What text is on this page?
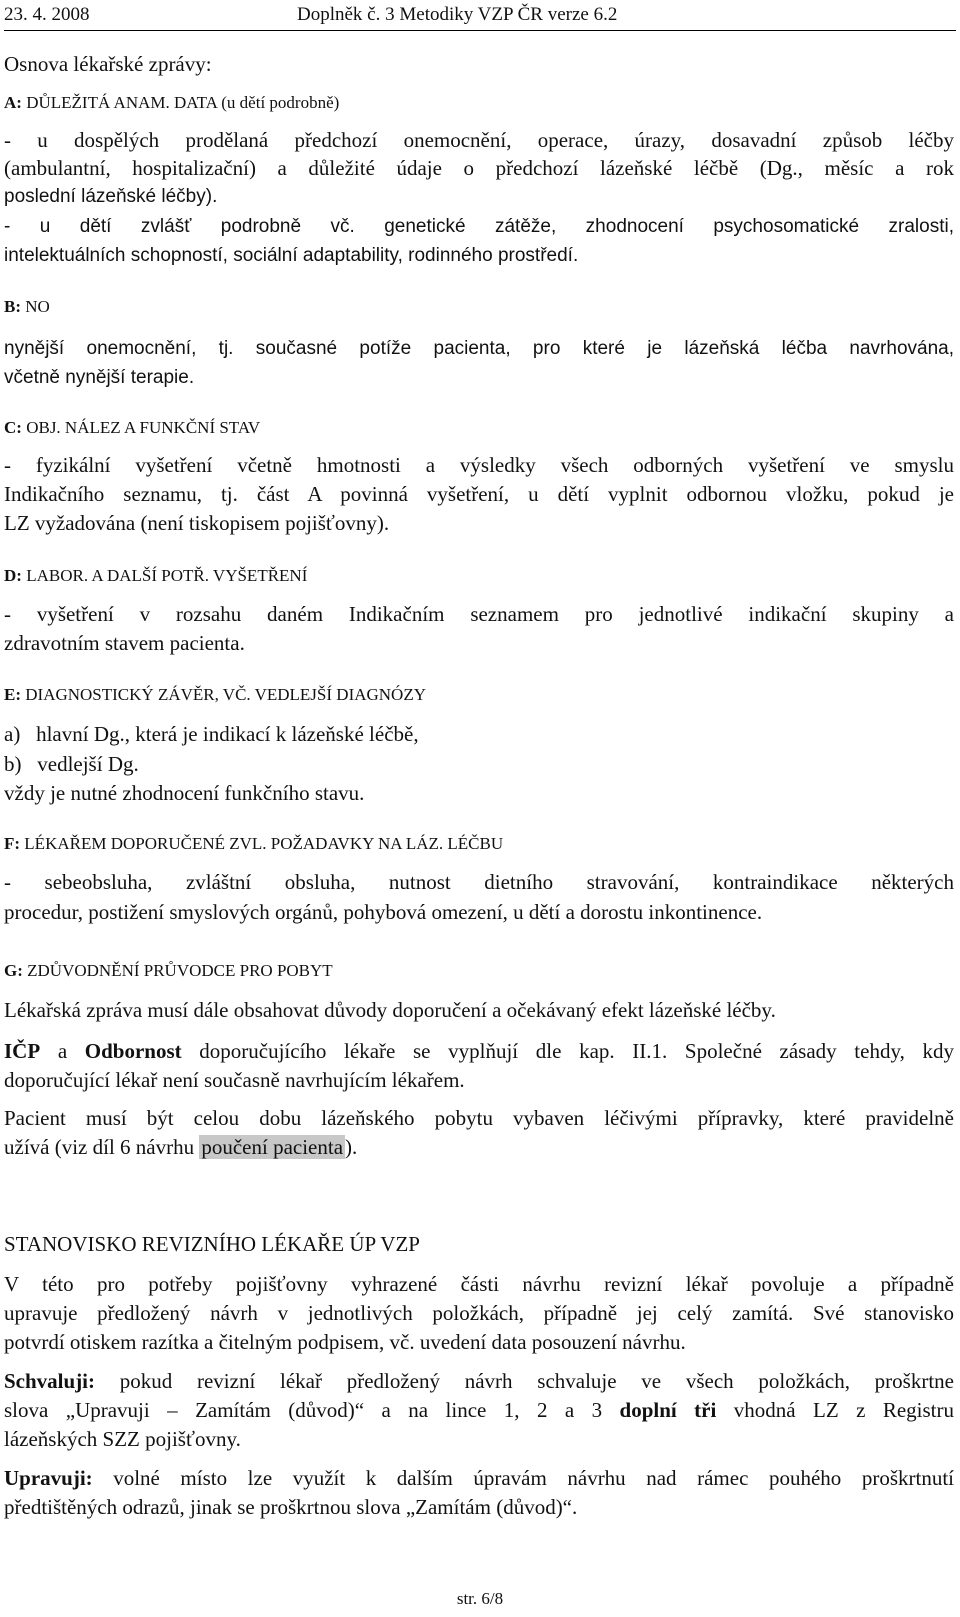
23. 4. 2008	Doplněk č. 3 Metodiky VZP ČR verze 6.2
Osnova lékařské zprávy:
A: DŮLEŽITÁ ANAM. DATA (u dětí podrobně)
- u dospělých prodělaná předchozí onemocnění, operace, úrazy, dosavadní způsob léčby
(ambulantní, hospitalizační) a důležité údaje o předchozí lázeňské léčbě (Dg., měsíc a rok
poslední lázeňské léčby).
- u dětí zvlášť podrobně vč. genetické zátěže, zhodnocení psychosomatické zralosti,
intelektuálních schopností, sociální adaptability, rodinného prostředí.
B: NO
nynější onemocnění, tj. současné potíže pacienta, pro které je lázeňská léčba navrhována,
včetně nynější terapie.
C: OBJ. NÁLEZ A FUNKČNÍ STAV
- fyzikální vyšetření včetně hmotnosti a výsledky všech odborných vyšetření ve smyslu
Indikačního seznamu, tj. část A povinná vyšetření, u dětí vyplnit odbornou vložku, pokud je
LZ vyžadována (není tiskopisem pojišťovny).
D: LABOR. A DALŠÍ POTŘ. VYŠETŘENÍ
- vyšetření v rozsahu daném Indikačním seznamem pro jednotlivé indikační skupiny a
zdravotním stavem pacienta.
E: DIAGNOSTICKÝ ZÁVĚR, VČ. VEDLEJŠÍ DIAGNÓZY
a) hlavní Dg., která je indikací k lázeňské léčbě,
b) vedlejší Dg.
vždy je nutné zhodnocení funkčního stavu.
F: LÉKAŘEM DOPORUČENÉ ZVL. POŽADAVKY NA LÁZ. LÉČBU
- sebeobsluha, zvláštní obsluha, nutnost dietního stravování, kontraindikace některých
procedur, postižení smyslových orgánů, pohybová omezení, u dětí a dorostu inkontinence.
G: ZDŮVODNĚNÍ PRŮVODCE PRO POBYT
Lékařská zpráva musí dále obsahovat důvody doporučení a očekávaný efekt lázeňské léčby.
IČP a Odbornost doporučujícího lékaře se vyplňují dle kap. II.1. Společné zásady tehdy, kdy
doporučující lékař není současně navrhujícím lékařem.
Pacient musí být celou dobu lázeňského pobytu vybaven léčivými přípravky, které pravidelně
užívá (viz díl 6 návrhu poučení pacienta).
STANOVISKO REVIZNÍHO LÉKAŘE ÚP VZP
V této pro potřeby pojišťovny vyhrazené části návrhu revizní lékař povoluje a případně
upravuje předložený návrh v jednotlivých položkách, případně jej celý zamítá. Své stanovisko
potvrdí otiskem razítka a čitelným podpisem, vč. uvedení data posouzení návrhu.
Schvaluji: pokud revizní lékař předložený návrh schvaluje ve všech položkách, proškrtne
slova „Upravuji – Zamítám (důvod)“ a na lince 1, 2 a 3 doplní tři vhodná LZ z Registru
lázeňských SZZ pojišťovny.
Upravuji: volné místo lze využít k dalším úpravám návrhu nad rámec pouhého proškrtnutí
předtištěných odrazů, jinak se proškrtnou slova „Zamítám (důvod)“.
str. 6/8
